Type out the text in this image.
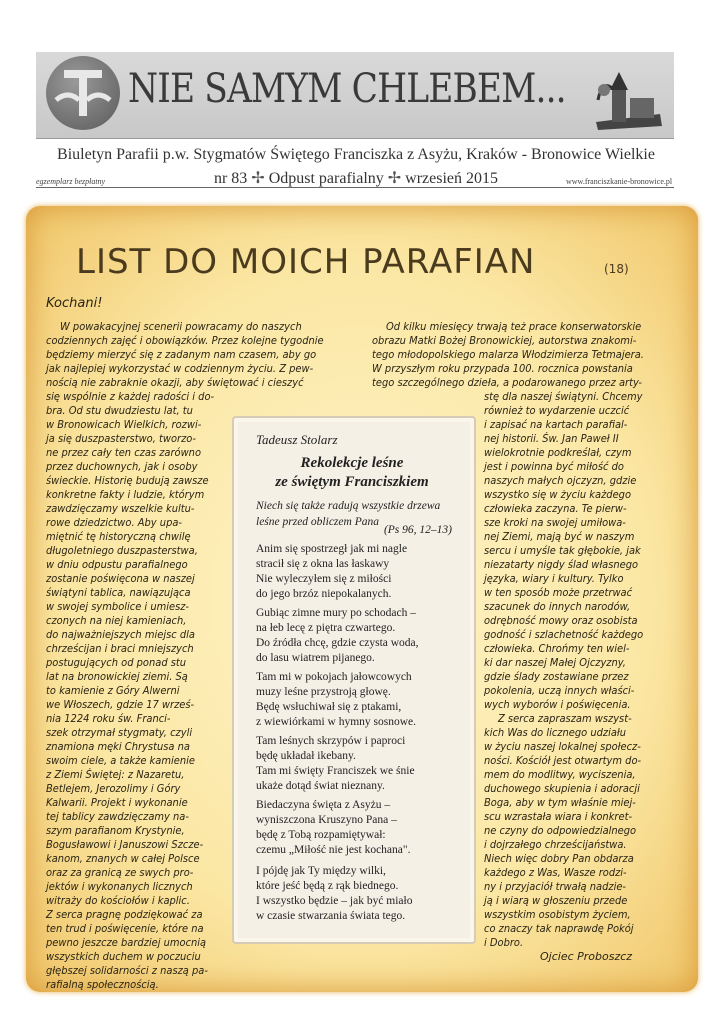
NIE SAMYM CHLEBEM...
Biuletyn Parafii p.w. Stygmatów Świętego Franciszka z Asyżu, Kraków - Bronowice Wielkie
nr 83 ✢ Odpust parafialny ✢ wrzesień 2015
egzemplarz bezpłatny	www.franciszkanie-bronowice.pl
LIST DO MOICH PARAFIAN	(18)
Kochani!
W powakacyjnej scenerii powracamy do naszych
codziennych zajęć i obowiązków. Przez kolejne tygodnie
będziemy mierzyć się z zadanym nam czasem, aby go
jak najlepiej wykorzystać w codziennym życiu. Z pew-
nością nie zabraknie okazji, aby świętować i cieszyć
się wspólnie z każdej radości i do-
bra. Od stu dwudziestu lat, tu
w Bronowicach Wielkich, rozwi-
ja się duszpasterstwo, tworzo-
ne przez cały ten czas zarówno
przez duchownych, jak i osoby
świeckie. Historię budują zawsze
konkretne fakty i ludzie, którym
zawdzięczamy wszelkie kultu-
rowe dziedzictwo. Aby upa-
miętnić tę historyczną chwilę
długoletniego duszpasterstwa,
w dniu odpustu parafialnego
zostanie poświęcona w naszej
świątyni tablica, nawiązująca
w swojej symbolice i umiesz-
czonych na niej kamieniach,
do najważniejszych miejsc dla
chrześcijan i braci mniejszych
postugujących od ponad stu
lat na bronowickiej ziemi. Są
to kamienie z Góry Alwerni
we Włoszech, gdzie 17 wrześ-
nia 1224 roku św. Franci-
szek otrzymał stygmaty, czyli
znamiona męki Chrystusa na
swoim ciele, a także kamienie
z Ziemi Świętej: z Nazaretu,
Betlejem, Jerozolimy i Góry
Kalwarii. Projekt i wykonanie
tej tablicy zawdzięczamy na-
szym parafianom Krystynie,
Bogusławowi i Januszowi Szcze-
kanom, znanych w całej Polsce
oraz za granicą ze swych pro-
jektów i wykonanych licznych
witraży do kościołów i kaplic.
Z serca pragnę podziękować za
ten trud i poświęcenie, które na
pewno jeszcze bardziej umocnią
wszystkich duchem w poczuciu
głębszej solidarności z naszą pa-
rafialną społecznością.
Od kilku miesięcy trwają też prace konserwatorskie
obrazu Matki Bożej Bronowickiej, autorstwa znakomi-
tego młodopolskiego malarza Włodzimierza Tetmajera.
W przyszłym roku przypada 100. rocznica powstania
tego szczególnego dzieła, a podarowanego przez arty-
stę dla naszej świątyni. Chcemy
również to wydarzenie uczcić
i zapisać na kartach parafial-
nej historii. Św. Jan Paweł II
wielokrotnie podkreślał, czym
jest i powinna być miłość do
naszych małych ojczyzn, gdzie
wszystko się w życiu każdego
człowieka zaczyna. Te pierw-
sze kroki na swojej umiłowa-
nej Ziemi, mają być w naszym
sercu i umyśle tak głębokie, jak
niezatarty nigdy ślad własnego
języka, wiary i kultury. Tylko
w ten sposób może przetrwać
szacunek do innych narodów,
odrębność mowy oraz osobista
godność i szlachetność każdego
człowieka. Chrońmy ten wiel-
ki dar naszej Małej Ojczyzny,
gdzie ślady zostawiane przez
pokolenia, uczą innych właści-
wych wyborów i poświęcenia.
Z serca zapraszam wszyst-
kich Was do licznego udziału
w życiu naszej lokalnej społecz-
ności. Kościół jest otwartym do-
mem do modlitwy, wyciszenia,
duchowego skupienia i adoracji
Boga, aby w tym właśnie miej-
scu wzrastała wiara i konkret-
ne czyny do odpowiedzialnego
i dojrzałego chrześcijaństwa.
Niech więc dobry Pan obdarza
każdego z Was, Wasze rodzi-
ny i przyjaciół trwałą nadzie-
ją i wiarą w głoszeniu przede
wszystkim osobistym życiem,
co znaczy tak naprawdę Pokój
i Dobro.
Tadeusz Stolarz
Rekolekcje leśne
ze świętym Franciszkiem
Niech się także radują wszystkie drzewa leśne przed obliczem Pana
(Ps 96, 12–13)
Anim się spostrzegł jak mi nagle
stracił się z okna las łaskawy
Nie wyleczyłem się z miłości
do jego brzóz niepokalanych.
Gubiąc zimne mury po schodach –
na łeb lecę z piętra czwartego.
Do źródła chcę, gdzie czysta woda,
do lasu wiatrem pijanego.
Tam mi w pokojach jałowcowych
muzy leśne przystroją głowę.
Będę wsłuchiwał się z ptakami,
z wiewiórkami w hymny sosnowe.
Tam leśnych skrzypów i paproci
będę układał ikebany.
Tam mi święty Franciszek we śnie
ukaże dotąd świat nieznany.
Biedaczyna święta z Asyżu –
wyniszczona Kruszyno Pana –
będę z Tobą rozpamiętywał:
czemu „Miłość nie jest kochana".
I pójdę jak Ty między wilki,
które jeść będą z rąk biednego.
I wszystko będzie – jak być miało
w czasie stwarzania świata tego.
Ojciec Proboszcz
